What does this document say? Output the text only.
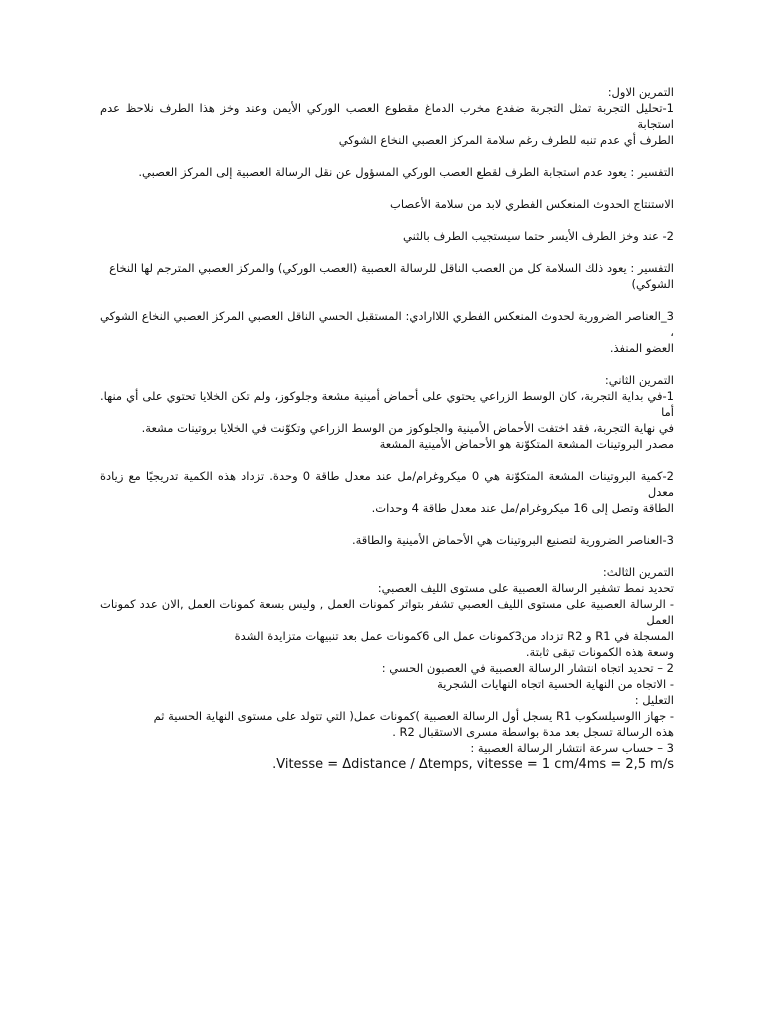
التمرين الاول:
1-تحليل التجربة تمثل التجربة ضفدع مخرب الدماغ مقطوع العصب الوركي الأيمن وعند وخز هذا الطرف نلاحظ عدم استجابة
الطرف أي عدم تنبه للطرف رغم سلامة المركز العصبي النخاع الشوكي
التفسير : يعود عدم استجابة الطرف لقطع العصب الوركي المسؤول عن نقل الرسالة العصبية إلى المركز العصبي.
الاستنتاج الحدوث المنعكس الفطري لابد من سلامة الأعصاب
2- عند وخز الطرف الأيسر حتما سيستجيب الطرف بالثني
التفسير : يعود ذلك السلامة كل من العصب الناقل للرسالة العصبية (العصب الوركي) والمركز العصبي المترجم لها النخاع
الشوكي)
3_العناصر الضرورية لحدوث المنعكس الفطري اللاارادي: المستقبل الحسي الناقل العصبي المركز العصبي النخاع الشوكي ،
العضو المنفذ.
التمرين الثاني:
1-في بداية التجربة، كان الوسط الزراعي يحتوي على أحماض أمينية مشعة وجلوكوز، ولم تكن الخلايا تحتوي على أي منها. أما
في نهاية التجربة، فقد اختفت الأحماض الأمينية والجلوكوز من الوسط الزراعي وتكوّنت في الخلايا بروتينات مشعة.
مصدر البروتينات المشعة المتكوّنة هو الأحماض الأمينية المشعة
2-كمية البروتينات المشعة المتكوّنة هي 0 ميكروغرام/مل عند معدل طاقة 0 وحدة. تزداد هذه الكمية تدريجيًا مع زيادة معدل
الطاقة وتصل إلى 16 ميكروغرام/مل عند معدل طاقة 4 وحدات.
3-العناصر الضرورية لتصنيع البروتينات هي الأحماض الأمينية والطاقة.
التمرين الثالث:
تحديد نمط تشفير الرسالة العصبية على مستوى الليف العصبي:
- الرسالة العصبية على مستوى الليف العصبي تشفر بتواتر كمونات العمل , وليس بسعة كمونات العمل ,الان عدد كمونات العمل
المسجلة في R1 و R2 تزداد من3كمونات عمل الى 6كمونات عمل بعد تنبيهات متزايدة الشدة
وسعة هذه الكمونات تبقى ثابتة.
2 – تحديد اتجاه انتشار الرسالة العصبية في العصبون الحسي :
- الاتجاه من النهاية الحسية اتجاه النهايات الشجرية
التعليل :
- جهاز االوسيلسكوب R1 يسجل أول الرسالة العصبية )كمونات عمل( التي تتولد على مستوى النهاية الحسية ثم
هذه الرسالة تسجل بعد مدة بواسطة مسرى الاستقبال R2 .
3 – حساب سرعة انتشار الرسالة العصبية :
.Vitesse = Δdistance / Δtemps, vitesse = 1 cm/4ms = 2,5 m/s
